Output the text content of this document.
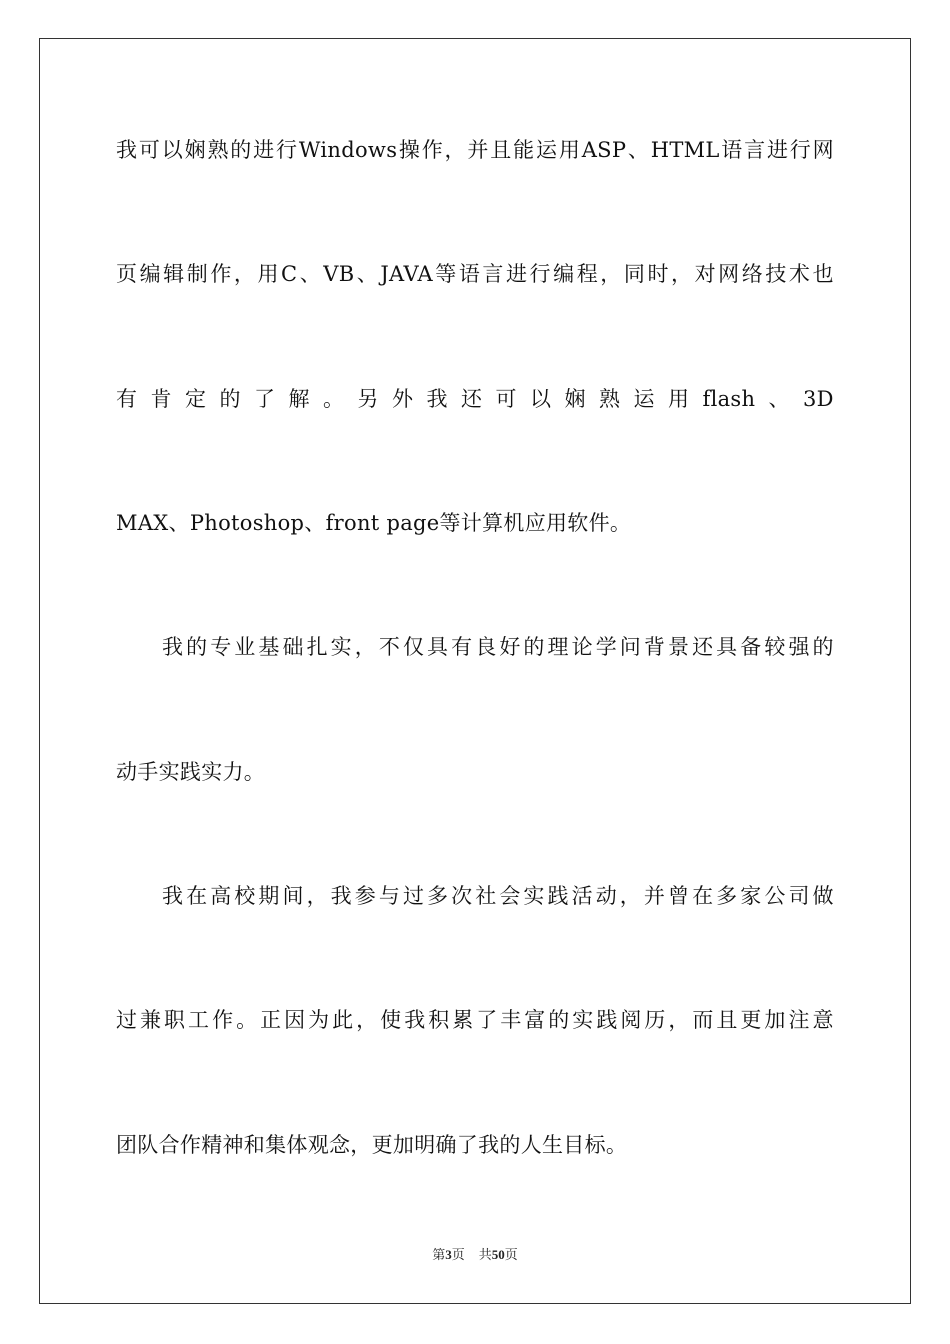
我 可 以 娴 熟 的 进 行 Windows 操 作 ， 并 且 能 运 用 ASP 、 HTML 语 言 进 行 网
页 编 辑 制 作 ， 用 C 、 VB 、 JAVA 等 语 言 进 行 编 程 ， 同 时 ， 对 网 络 技 术 也
有 肯 定 的 了 解 。 另 外 我 还 可 以 娴 熟 运 用 flash 、 3D
MAX、Photoshop、front page等计算机应用软件。
我 的 专 业 基 础 扎 实 ， 不 仅 具 有 良 好 的 理 论 学 问 背 景 还 具 备 较 强 的
动手实践实力。
我 在 高 校 期 间 ， 我 参 与 过 多 次 社 会 实 践 活 动 ， 并 曾 在 多 家 公 司 做
过 兼 职 工 作 。 正 因 为 此 ， 使 我 积 累 了 丰 富 的 实 践 阅 历 ， 而 且 更 加 注 意
团队合作精神和集体观念，更加明确了我的人生目标。
第3页 共50页
